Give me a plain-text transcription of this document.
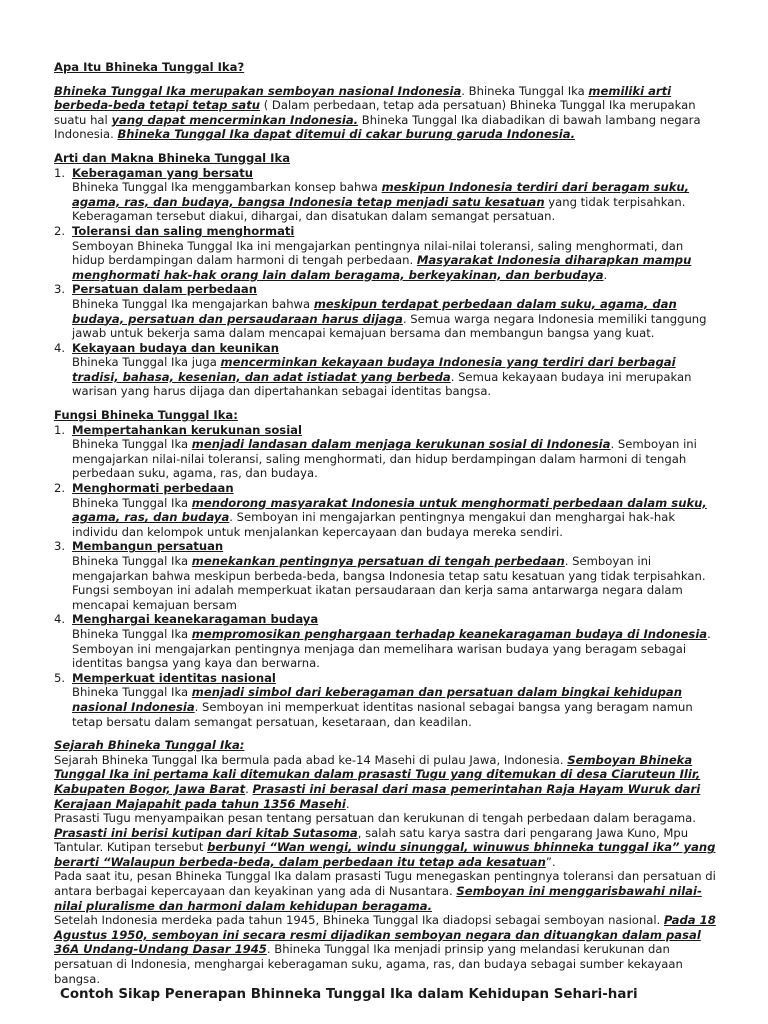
Apa Itu Bhineka Tunggal Ika?

Bhineka Tunggal Ika merupakan semboyan nasional Indonesia. Bhineka Tunggal Ika memiliki arti berbeda-beda tetapi tetap satu ( Dalam perbedaan, tetap ada persatuan) Bhineka Tunggal Ika merupakan suatu hal yang dapat mencerminkan Indonesia. Bhineka Tunggal Ika diabadikan di bawah lambang negara Indonesia. Bhineka Tunggal Ika dapat ditemui di cakar burung garuda Indonesia.

Arti dan Makna Bhineka Tunggal Ika

1. Keberagaman yang bersatu
Bhineka Tunggal Ika menggambarkan konsep bahwa meskipun Indonesia terdiri dari beragam suku, agama, ras, dan budaya, bangsa Indonesia tetap menjadi satu kesatuan yang tidak terpisahkan. Keberagaman tersebut diakui, dihargai, dan disatukan dalam semangat persatuan.
2. Toleransi dan saling menghormati
Semboyan Bhineka Tunggal Ika ini mengajarkan pentingnya nilai-nilai toleransi, saling menghormati, dan hidup berdampingan dalam harmoni di tengah perbedaan. Masyarakat Indonesia diharapkan mampu menghormati hak-hak orang lain dalam beragama, berkeyakinan, dan berbudaya.
3. Persatuan dalam perbedaan
Bhineka Tunggal Ika mengajarkan bahwa meskipun terdapat perbedaan dalam suku, agama, dan budaya, persatuan dan persaudaraan harus dijaga. Semua warga negara Indonesia memiliki tanggung jawab untuk bekerja sama dalam mencapai kemajuan bersama dan membangun bangsa yang kuat.
4. Kekayaan budaya dan keunikan
Bhineka Tunggal Ika juga mencerminkan kekayaan budaya Indonesia yang terdiri dari berbagai tradisi, bahasa, kesenian, dan adat istiadat yang berbeda. Semua kekayaan budaya ini merupakan warisan yang harus dijaga dan dipertahankan sebagai identitas bangsa.

Fungsi Bhineka Tunggal Ika:

1. Mempertahankan kerukunan sosial
Bhineka Tunggal Ika menjadi landasan dalam menjaga kerukunan sosial di Indonesia. Semboyan ini mengajarkan nilai-nilai toleransi, saling menghormati, dan hidup berdampingan dalam harmoni di tengah perbedaan suku, agama, ras, dan budaya.
2. Menghormati perbedaan
Bhineka Tunggal Ika mendorong masyarakat Indonesia untuk menghormati perbedaan dalam suku, agama, ras, dan budaya. Semboyan ini mengajarkan pentingnya mengakui dan menghargai hak-hak individu dan kelompok untuk menjalankan kepercayaan dan budaya mereka sendiri.
3. Membangun persatuan
Bhineka Tunggal Ika menekankan pentingnya persatuan di tengah perbedaan. Semboyan ini mengajarkan bahwa meskipun berbeda-beda, bangsa Indonesia tetap satu kesatuan yang tidak terpisahkan. Fungsi semboyan ini adalah memperkuat ikatan persaudaraan dan kerja sama antarwarga negara dalam mencapai kemajuan bersam
4. Menghargai keanekaragaman budaya
Bhineka Tunggal Ika mempromosikan penghargaan terhadap keanekaragaman budaya di Indonesia. Semboyan ini mengajarkan pentingnya menjaga dan memelihara warisan budaya yang beragam sebagai identitas bangsa yang kaya dan berwarna.
5. Memperkuat identitas nasional
Bhineka Tunggal Ika menjadi simbol dari keberagaman dan persatuan dalam bingkai kehidupan nasional Indonesia. Semboyan ini memperkuat identitas nasional sebagai bangsa yang beragam namun tetap bersatu dalam semangat persatuan, kesetaraan, dan keadilan.

Sejarah Bhineka Tunggal Ika:

Sejarah Bhineka Tunggal Ika bermula pada abad ke-14 Masehi di pulau Jawa, Indonesia. Semboyan Bhineka Tunggal Ika ini pertama kali ditemukan dalam prasasti Tugu yang ditemukan di desa Ciaruteun Ilir, Kabupaten Bogor, Jawa Barat. Prasasti ini berasal dari masa pemerintahan Raja Hayam Wuruk dari Kerajaan Majapahit pada tahun 1356 Masehi.

Prasasti Tugu menyampaikan pesan tentang persatuan dan kerukunan di tengah perbedaan dalam beragama. Prasasti ini berisi kutipan dari kitab Sutasoma, salah satu karya sastra dari pengarang Jawa Kuno, Mpu Tantular. Kutipan tersebut berbunyi “Wan wengi, windu sinunggal, winuwus bhinneka tunggal ika” yang berarti “Walaupun berbeda-beda, dalam perbedaan itu tetap ada kesatuan”.

Pada saat itu, pesan Bhineka Tunggal Ika dalam prasasti Tugu menegaskan pentingnya toleransi dan persatuan di antara berbagai kepercayaan dan keyakinan yang ada di Nusantara. Semboyan ini menggarisbawahi nilai-nilai pluralisme dan harmoni dalam kehidupan beragama.

Setelah Indonesia merdeka pada tahun 1945, Bhineka Tunggal Ika diadopsi sebagai semboyan nasional. Pada 18 Agustus 1950, semboyan ini secara resmi dijadikan semboyan negara dan dituangkan dalam pasal 36A Undang-Undang Dasar 1945. Bhineka Tunggal Ika menjadi prinsip yang melandasi kerukunan dan persatuan di Indonesia, menghargai keberagaman suku, agama, ras, dan budaya sebagai sumber kekayaan bangsa.

Contoh Sikap Penerapan Bhinneka Tunggal Ika dalam Kehidupan Sehari-hari
